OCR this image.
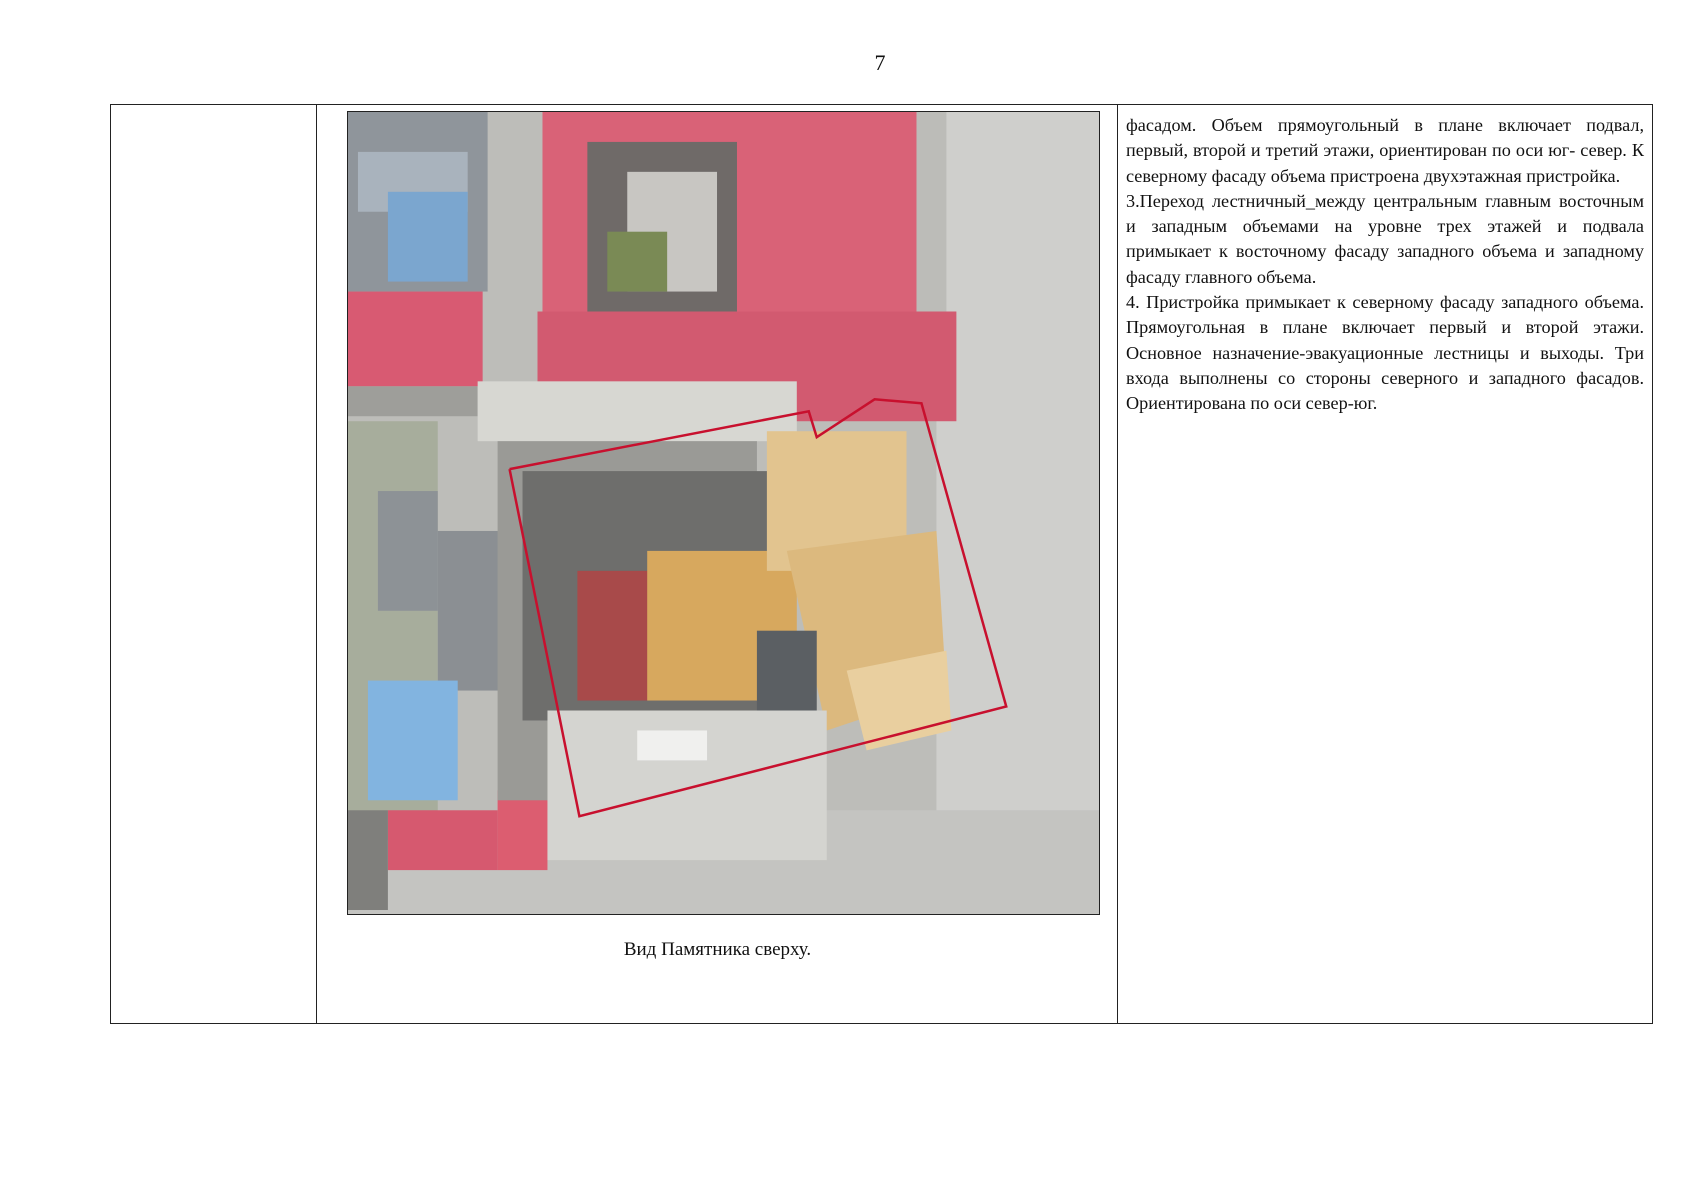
7
Вид Памятника сверху.

фасадом. Объем прямоугольный в плане включает подвал, первый, второй и третий этажи, ориентирован по оси юг- север. К северному фасаду объема пристроена двухэтажная пристройка.

3.Переход лестничный_между центральным главным восточным и западным объемами на уровне трех этажей и подвала примыкает к восточному фасаду западного объема и западному фасаду главного объема.

4. Пристройка примыкает к северному фасаду западного объема. Прямоугольная в плане включает первый и второй этажи. Основное назначение-эвакуационные лестницы и выходы. Три входа выполнены со стороны северного и западного фасадов. Ориентирована по оси север-юг.
